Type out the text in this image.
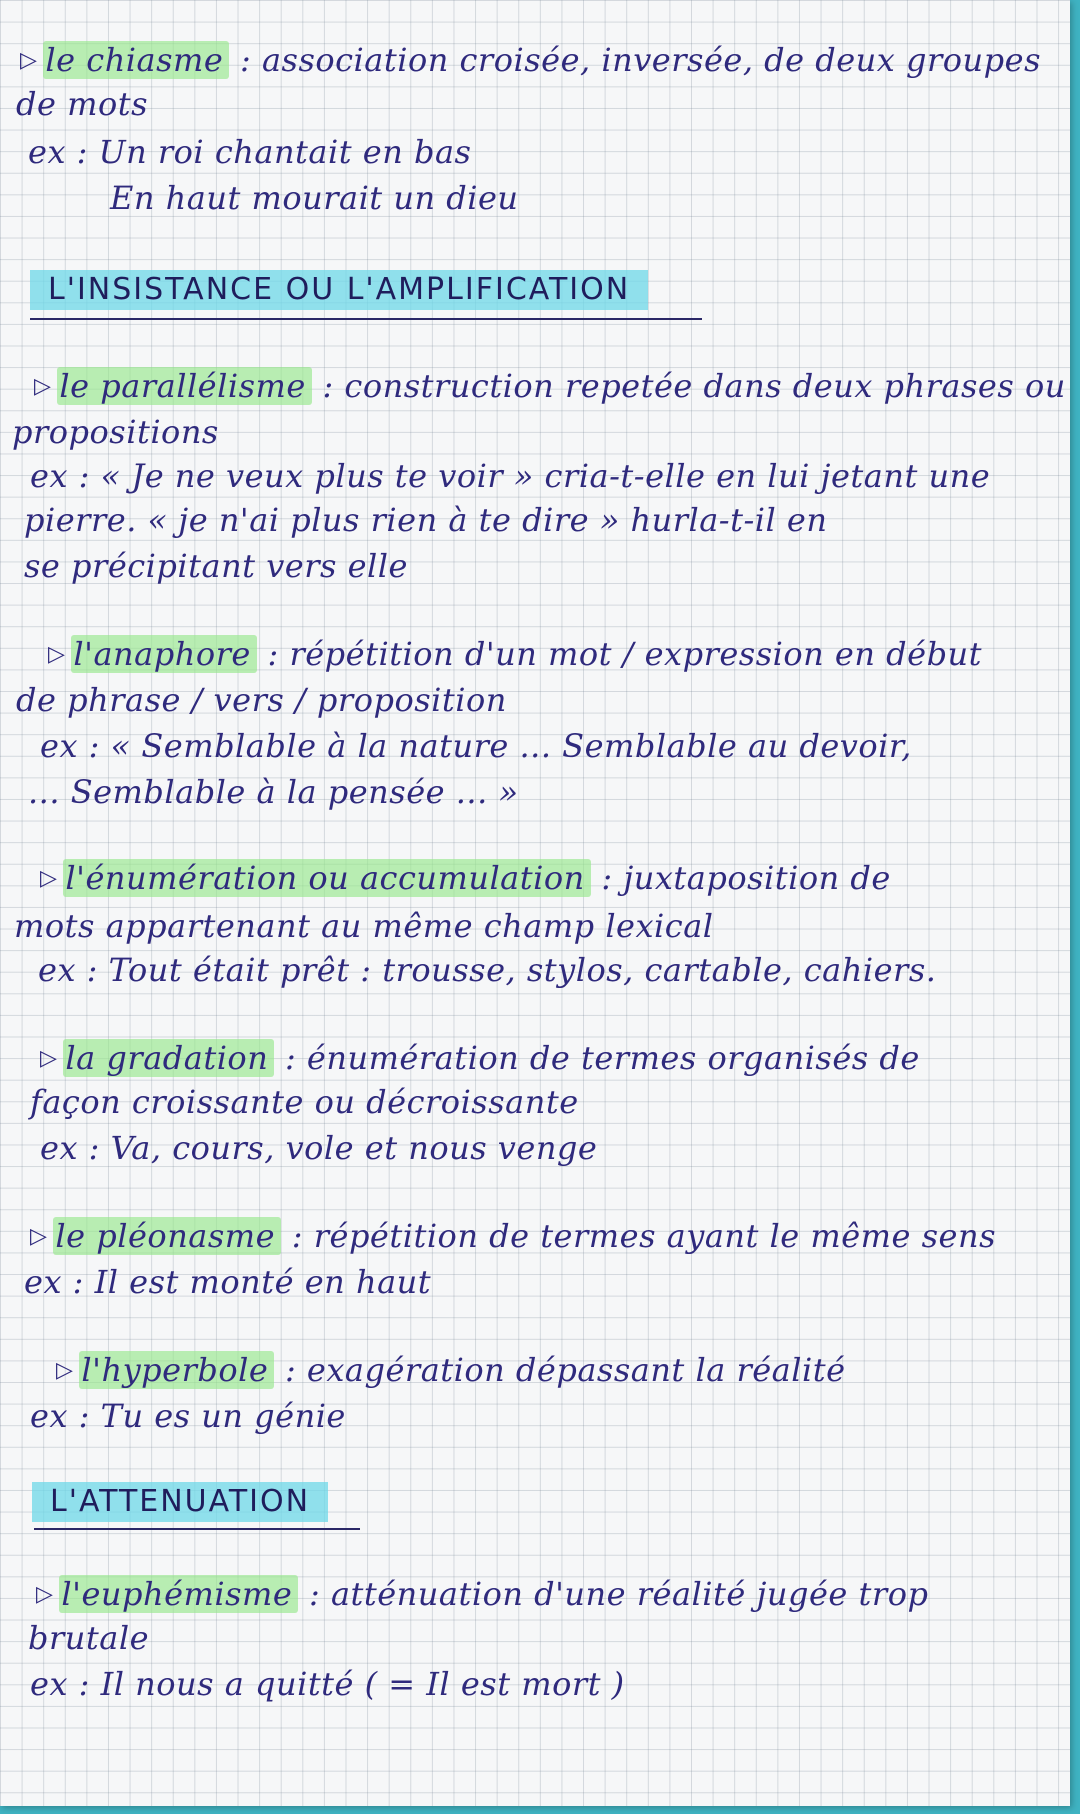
▷ le chiasme : association croisée, inversée, de deux groupes
de mots
ex : Un roi chantait en bas
En haut mourait un dieu
L'INSISTANCE OU L'AMPLIFICATION
▷ le parallélisme : construction repetée dans deux phrases ou
propositions
ex : « Je ne veux plus te voir » cria-t-elle en lui jetant une
pierre. « je n'ai plus rien à te dire » hurla-t-il en
se précipitant vers elle
▷ l'anaphore : répétition d'un mot / expression en début
de phrase / vers / proposition
ex : « Semblable à la nature ... Semblable au devoir,
... Semblable à la pensée ... »
▷ l'énumération ou accumulation : juxtaposition de
mots appartenant au même champ lexical
ex : Tout était prêt : trousse, stylos, cartable, cahiers.
▷ la gradation : énumération de termes organisés de
façon croissante ou décroissante
ex : Va, cours, vole et nous venge
▷ le pléonasme : répétition de termes ayant le même sens
ex : Il est monté en haut
▷ l'hyperbole : exagération dépassant la réalité
ex : Tu es un génie
L'ATTENUATION
▷ l'euphémisme : atténuation d'une réalité jugée trop
brutale
ex : Il nous a quitté ( = Il est mort )
